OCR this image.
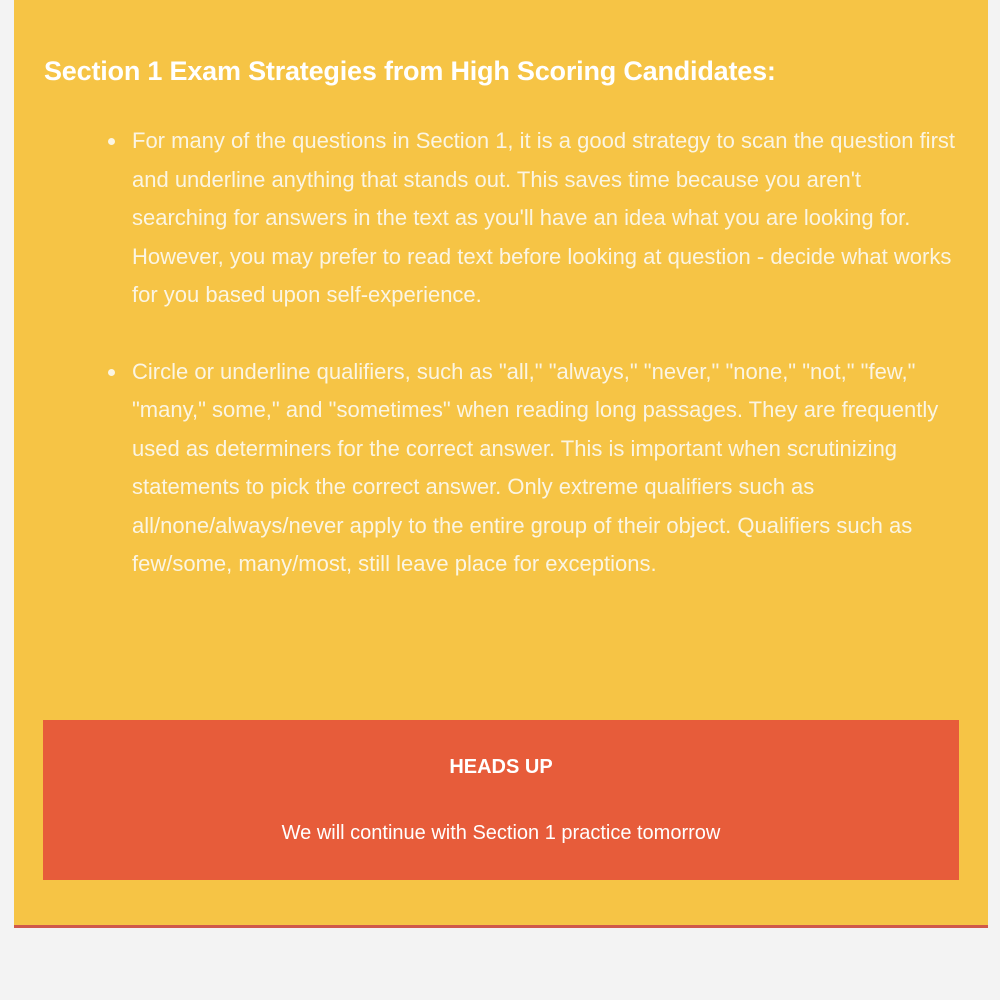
Section 1 Exam Strategies from High Scoring Candidates:
For many of the questions in Section 1, it is a good strategy to scan the question first and underline anything that stands out. This saves time because you aren't searching for answers in the text as you'll have an idea what you are looking for. However, you may prefer to read text before looking at question - decide what works for you based upon self-experience.
Circle or underline qualifiers, such as "all," "always," "never," "none," "not," "few," "many," some," and "sometimes" when reading long passages. They are frequently used as determiners for the correct answer. This is important when scrutinizing statements to pick the correct answer. Only extreme qualifiers such as all/none/always/never apply to the entire group of their object. Qualifiers such as few/some, many/most, still leave place for exceptions.
HEADS UP
We will continue with Section 1 practice tomorrow
